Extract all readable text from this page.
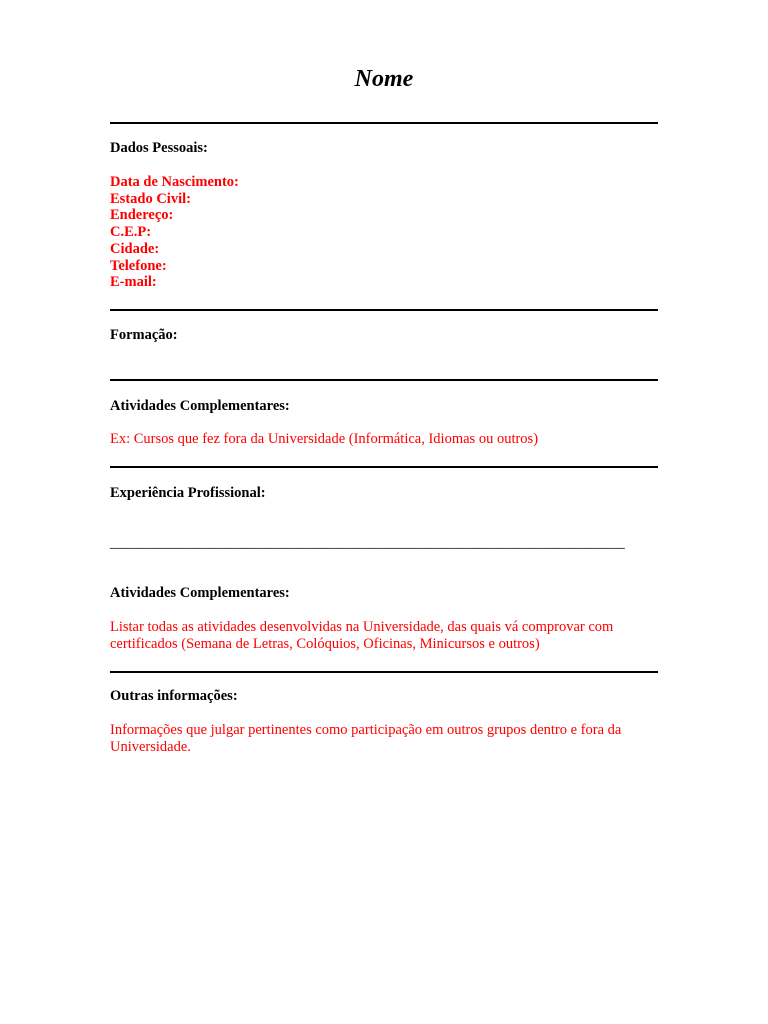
Nome
Dados Pessoais:
Data de Nascimento:
Estado Civil:
Endereço:
C.E.P:
Cidade:
Telefone:
E-mail:
Formação:
Atividades Complementares:
Ex: Cursos que fez fora da Universidade (Informática, Idiomas ou outros)
Experiência Profissional:
_______________________________________________________________________
Atividades Complementares:
Listar todas as atividades desenvolvidas na Universidade, das quais vá comprovar com certificados (Semana de Letras, Colóquios, Oficinas, Minicursos e outros)
Outras informações:
Informações que julgar pertinentes como participação em outros grupos dentro e fora da Universidade.
